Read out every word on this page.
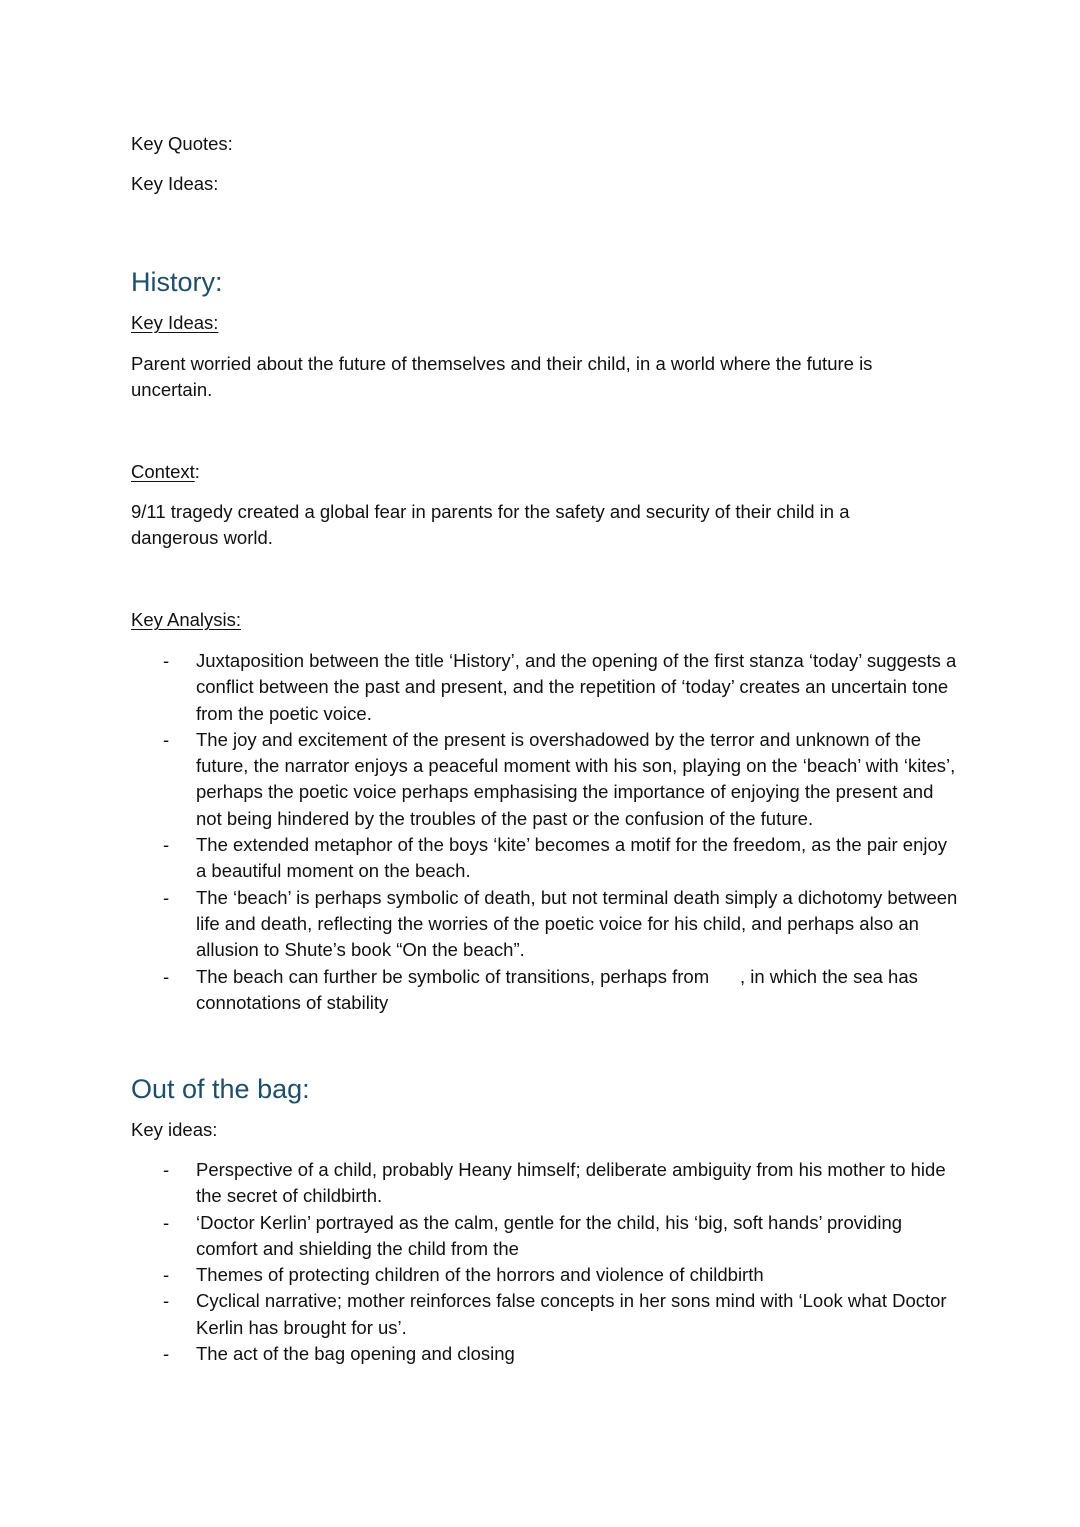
Key Quotes:
Key Ideas:
History:
Key Ideas:
Parent worried about the future of themselves and their child, in a world where the future is uncertain.
Context:
9/11 tragedy created a global fear in parents for the safety and security of their child in a dangerous world.
Key Analysis:
- Juxtaposition between the title ‘History’, and the opening of the first stanza ‘today’ suggests a conflict between the past and present, and the repetition of ‘today’ creates an uncertain tone from the poetic voice.
- The joy and excitement of the present is overshadowed by the terror and unknown of the future, the narrator enjoys a peaceful moment with his son, playing on the ‘beach’ with ‘kites’, perhaps the poetic voice perhaps emphasising the importance of enjoying the present and not being hindered by the troubles of the past or the confusion of the future.
- The extended metaphor of the boys ‘kite’ becomes a motif for the freedom, as the pair enjoy a beautiful moment on the beach.
- The ‘beach’ is perhaps symbolic of death, but not terminal death simply a dichotomy between life and death, reflecting the worries of the poetic voice for his child, and perhaps also an allusion to Shute’s book “On the beach”.
- The beach can further be symbolic of transitions, perhaps from      , in which the sea has connotations of stability
Out of the bag:
Key ideas:
- Perspective of a child, probably Heany himself; deliberate ambiguity from his mother to hide the secret of childbirth.
- ‘Doctor Kerlin’ portrayed as the calm, gentle for the child, his ‘big, soft hands’ providing comfort and shielding the child from the
- Themes of protecting children of the horrors and violence of childbirth
- Cyclical narrative; mother reinforces false concepts in her sons mind with ‘Look what Doctor Kerlin has brought for us’.
- The act of the bag opening and closing
